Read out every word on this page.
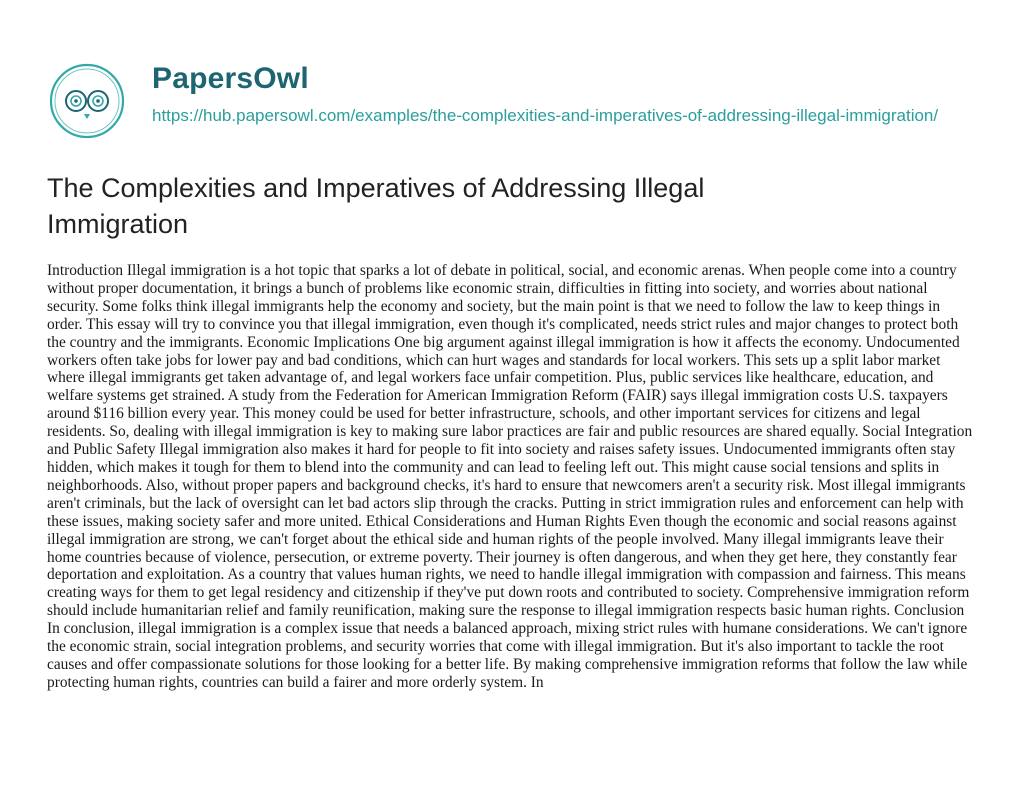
PapersOwl
https://hub.papersowl.com/examples/the-complexities-and-imperatives-of-addressing-illegal-immigration/
The Complexities and Imperatives of Addressing Illegal Immigration

Introduction Illegal immigration is a hot topic that sparks a lot of debate in political, social, and economic arenas. When people come into a country without proper documentation, it brings a bunch of problems like economic strain, difficulties in fitting into society, and worries about national security. Some folks think illegal immigrants help the economy and society, but the main point is that we need to follow the law to keep things in order. This essay will try to convince you that illegal immigration, even though it's complicated, needs strict rules and major changes to protect both the country and the immigrants. Economic Implications One big argument against illegal immigration is how it affects the economy. Undocumented workers often take jobs for lower pay and bad conditions, which can hurt wages and standards for local workers. This sets up a split labor market where illegal immigrants get taken advantage of, and legal workers face unfair competition. Plus, public services like healthcare, education, and welfare systems get strained. A study from the Federation for American Immigration Reform (FAIR) says illegal immigration costs U.S. taxpayers around $116 billion every year. This money could be used for better infrastructure, schools, and other important services for citizens and legal residents. So, dealing with illegal immigration is key to making sure labor practices are fair and public resources are shared equally. Social Integration and Public Safety Illegal immigration also makes it hard for people to fit into society and raises safety issues. Undocumented immigrants often stay hidden, which makes it tough for them to blend into the community and can lead to feeling left out. This might cause social tensions and splits in neighborhoods. Also, without proper papers and background checks, it's hard to ensure that newcomers aren't a security risk. Most illegal immigrants aren't criminals, but the lack of oversight can let bad actors slip through the cracks. Putting in strict immigration rules and enforcement can help with these issues, making society safer and more united. Ethical Considerations and Human Rights Even though the economic and social reasons against illegal immigration are strong, we can't forget about the ethical side and human rights of the people involved. Many illegal immigrants leave their home countries because of violence, persecution, or extreme poverty. Their journey is often dangerous, and when they get here, they constantly fear deportation and exploitation. As a country that values human rights, we need to handle illegal immigration with compassion and fairness. This means creating ways for them to get legal residency and citizenship if they've put down roots and contributed to society. Comprehensive immigration reform should include humanitarian relief and family reunification, making sure the response to illegal immigration respects basic human rights. Conclusion In conclusion, illegal immigration is a complex issue that needs a balanced approach, mixing strict rules with humane considerations. We can't ignore the economic strain, social integration problems, and security worries that come with illegal immigration. But it's also important to tackle the root causes and offer compassionate solutions for those looking for a better life. By making comprehensive immigration reforms that follow the law while protecting human rights, countries can build a fairer and more orderly system. In
